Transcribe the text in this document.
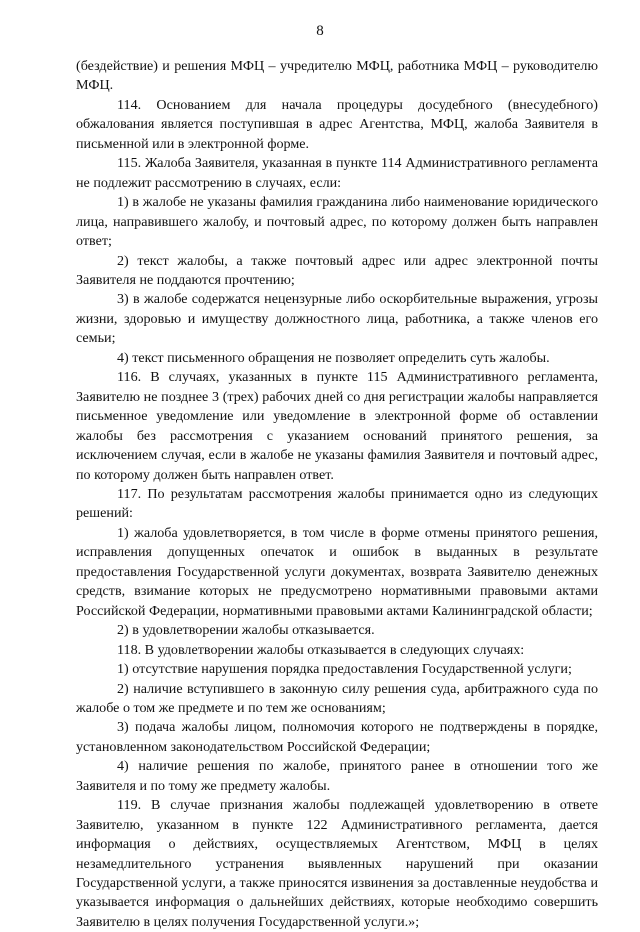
8

(бездействие) и решения МФЦ – учредителю МФЦ, работника МФЦ – руководителю МФЦ.

114. Основанием для начала процедуры досудебного (внесудебного) обжалования является поступившая в адрес Агентства, МФЦ, жалоба Заявителя в письменной или в электронной форме.

115. Жалоба Заявителя, указанная в пункте 114 Административного регламента не подлежит рассмотрению в случаях, если:

1) в жалобе не указаны фамилия гражданина либо наименование юридического лица, направившего жалобу, и почтовый адрес, по которому должен быть направлен ответ;

2) текст жалобы, а также почтовый адрес или адрес электронной почты Заявителя не поддаются прочтению;

3) в жалобе содержатся нецензурные либо оскорбительные выражения, угрозы жизни, здоровью и имуществу должностного лица, работника, а также членов его семьи;

4) текст письменного обращения не позволяет определить суть жалобы.

116. В случаях, указанных в пункте 115 Административного регламента, Заявителю не позднее 3 (трех) рабочих дней со дня регистрации жалобы направляется письменное уведомление или уведомление в электронной форме об оставлении жалобы без рассмотрения с указанием оснований принятого решения, за исключением случая, если в жалобе не указаны фамилия Заявителя и почтовый адрес, по которому должен быть направлен ответ.

117. По результатам рассмотрения жалобы принимается одно из следующих решений:

1) жалоба удовлетворяется, в том числе в форме отмены принятого решения, исправления допущенных опечаток и ошибок в выданных в результате предоставления Государственной услуги документах, возврата Заявителю денежных средств, взимание которых не предусмотрено нормативными правовыми актами Российской Федерации, нормативными правовыми актами Калининградской области;

2) в удовлетворении жалобы отказывается.

118. В удовлетворении жалобы отказывается в следующих случаях:

1) отсутствие нарушения порядка предоставления Государственной услуги;

2) наличие вступившего в законную силу решения суда, арбитражного суда по жалобе о том же предмете и по тем же основаниям;

3) подача жалобы лицом, полномочия которого не подтверждены в порядке, установленном законодательством Российской Федерации;

4) наличие решения по жалобе, принятого ранее в отношении того же Заявителя и по тому же предмету жалобы.

119. В случае признания жалобы подлежащей удовлетворению в ответе Заявителю, указанном в пункте 122 Административного регламента, дается информация о действиях, осуществляемых Агентством, МФЦ в целях незамедлительного устранения выявленных нарушений при оказании Государственной услуги, а также приносятся извинения за доставленные неудобства и указывается информация о дальнейших действиях, которые необходимо совершить Заявителю в целях получения Государственной услуги.»;
